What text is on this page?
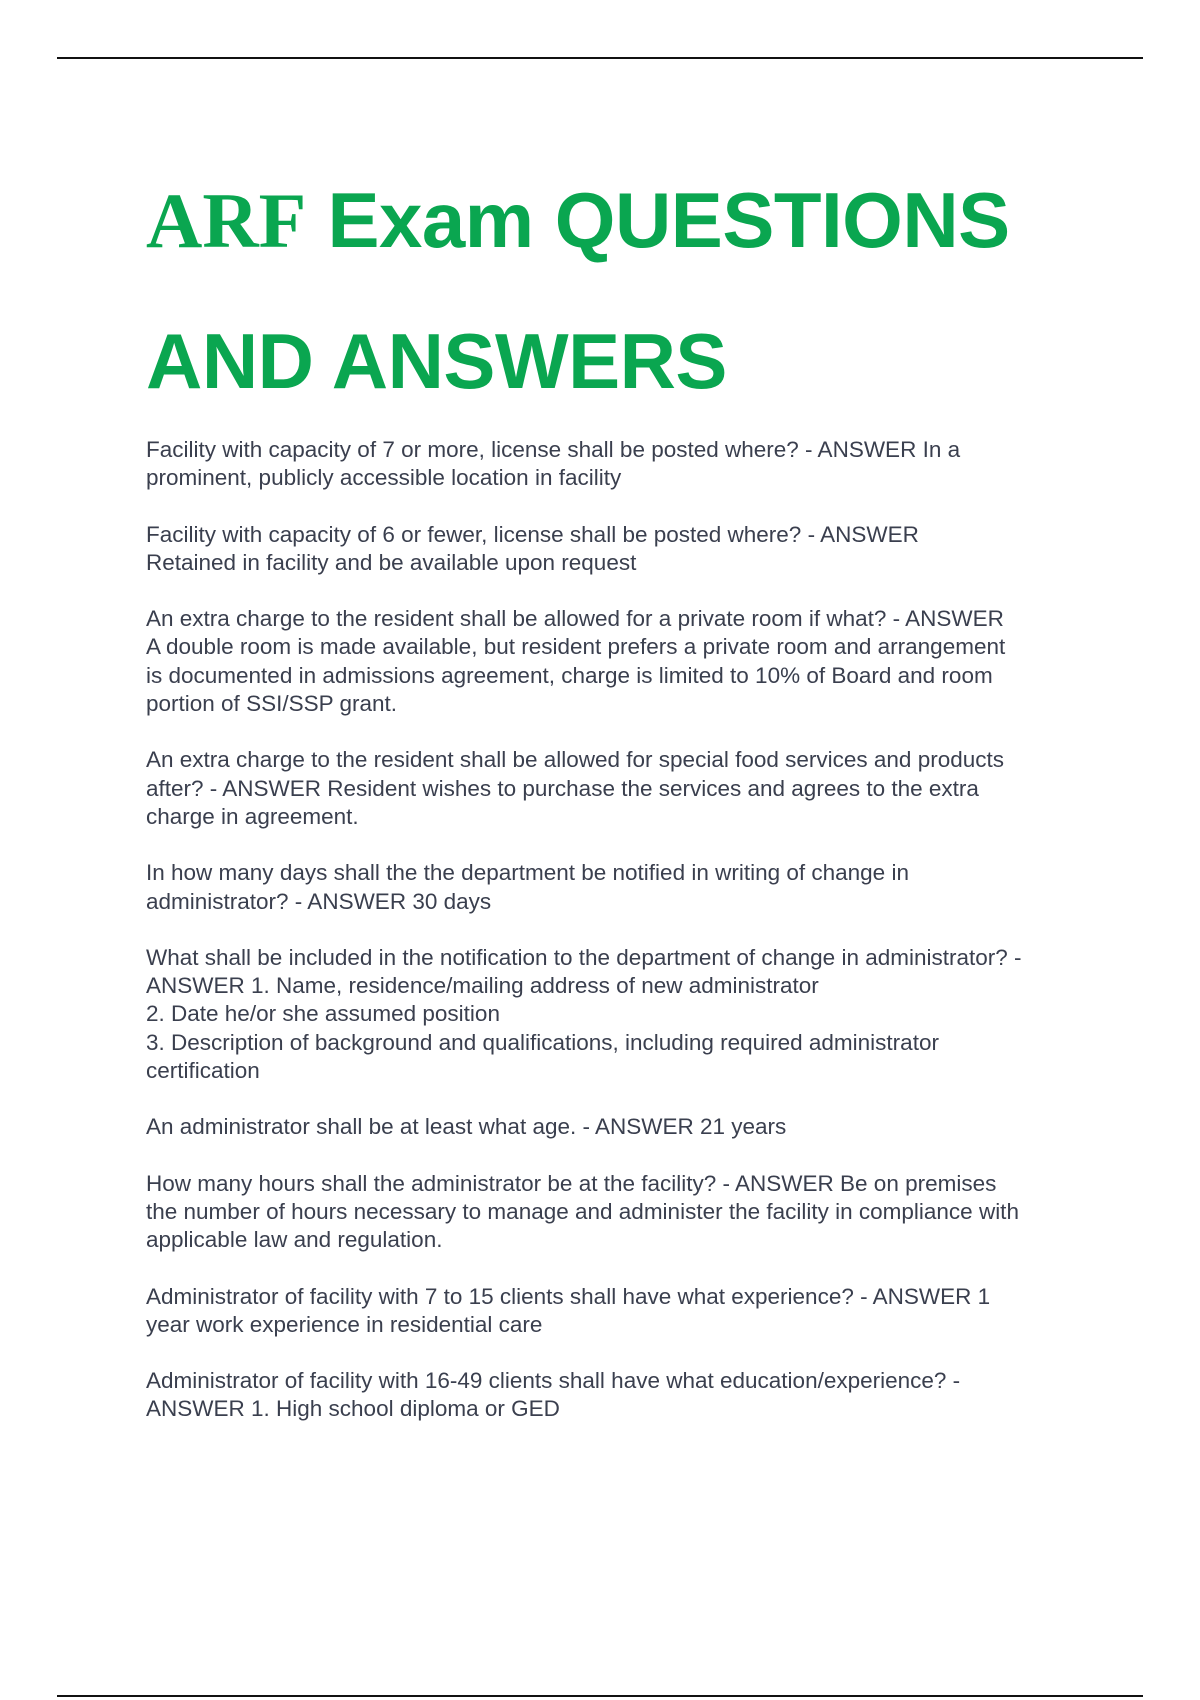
ARF Exam QUESTIONS
AND ANSWERS

Facility with capacity of 7 or more, license shall be posted where? - ANSWER In a
prominent, publicly accessible location in facility

Facility with capacity of 6 or fewer, license shall be posted where? - ANSWER
Retained in facility and be available upon request

An extra charge to the resident shall be allowed for a private room if what? - ANSWER
A double room is made available, but resident prefers a private room and arrangement
is documented in admissions agreement, charge is limited to 10% of Board and room
portion of SSI/SSP grant.

An extra charge to the resident shall be allowed for special food services and products
after? - ANSWER Resident wishes to purchase the services and agrees to the extra
charge in agreement.

In how many days shall the the department be notified in writing of change in
administrator? - ANSWER 30 days

What shall be included in the notification to the department of change in administrator? -
ANSWER 1. Name, residence/mailing address of new administrator
2. Date he/or she assumed position
3. Description of background and qualifications, including required administrator
certification

An administrator shall be at least what age. - ANSWER 21 years

How many hours shall the administrator be at the facility? - ANSWER Be on premises
the number of hours necessary to manage and administer the facility in compliance with
applicable law and regulation.

Administrator of facility with 7 to 15 clients shall have what experience? - ANSWER 1
year work experience in residential care

Administrator of facility with 16-49 clients shall have what education/experience? -
ANSWER 1. High school diploma or GED
